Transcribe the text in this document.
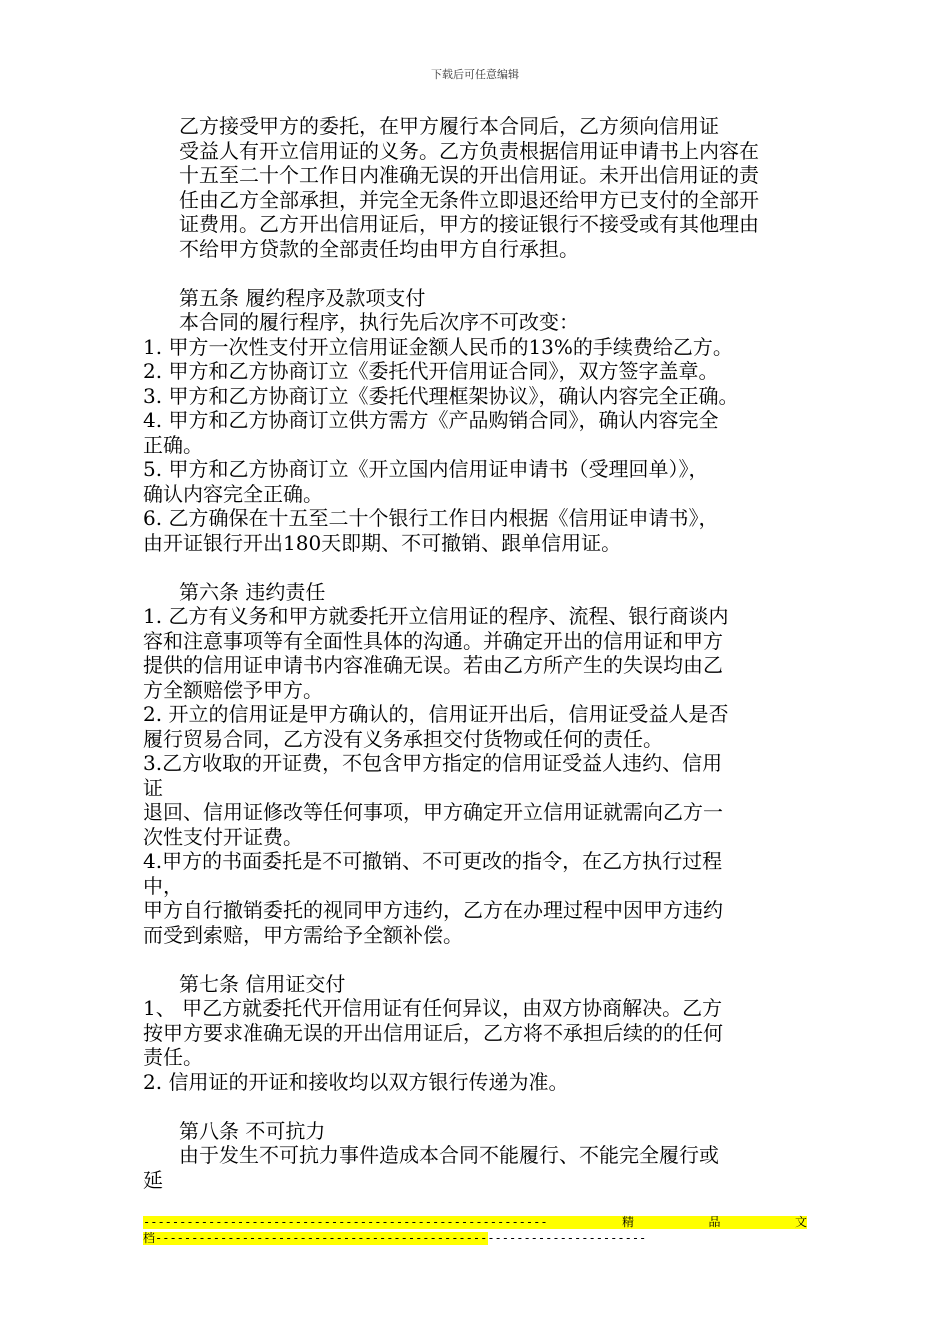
下载后可任意编辑
乙方接受甲方的委托，在甲方履行本合同后，乙方须向信用证
受益人有开立信用证的义务。乙方负责根据信用证申请书上内容在
十五至二十个工作日内准确无误的开出信用证。未开出信用证的责
任由乙方全部承担，并完全无条件立即退还给甲方已支付的全部开
证费用。乙方开出信用证后，甲方的接证银行不接受或有其他理由
不给甲方贷款的全部责任均由甲方自行承担。
第五条 履约程序及款项支付
本合同的履行程序，执行先后次序不可改变：
1. 甲方一次性支付开立信用证金额人民币的13%的手续费给乙方。
2. 甲方和乙方协商订立《委托代开信用证合同》，双方签字盖章。
3. 甲方和乙方协商订立《委托代理框架协议》，确认内容完全正确。
4. 甲方和乙方协商订立供方需方《产品购销合同》，确认内容完全
正确。
5. 甲方和乙方协商订立《开立国内信用证申请书（受理回单）》，
确认内容完全正确。
6. 乙方确保在十五至二十个银行工作日内根据《信用证申请书》，
由开证银行开出180天即期、不可撤销、跟单信用证。
第六条 违约责任
1. 乙方有义务和甲方就委托开立信用证的程序、流程、银行商谈内
容和注意事项等有全面性具体的沟通。并确定开出的信用证和甲方
提供的信用证申请书内容准确无误。若由乙方所产生的失误均由乙
方全额赔偿予甲方。
2. 开立的信用证是甲方确认的，信用证开出后，信用证受益人是否
履行贸易合同，乙方没有义务承担交付货物或任何的责任。
3.乙方收取的开证费，不包含甲方指定的信用证受益人违约、信用
证
退回、信用证修改等任何事项，甲方确定开立信用证就需向乙方一
次性支付开证费。
4.甲方的书面委托是不可撤销、不可更改的指令，在乙方执行过程
中，
甲方自行撤销委托的视同甲方违约，乙方在办理过程中因甲方违约
而受到索赔，甲方需给予全额补偿。
第七条 信用证交付
1、 甲乙方就委托代开信用证有任何异议，由双方协商解决。乙方
按甲方要求准确无误的开出信用证后，乙方将不承担后续的的任何
责任。
2. 信用证的开证和接收均以双方银行传递为准。
第八条 不可抗力
由于发生不可抗力事件造成本合同不能履行、不能完全履行或
延
--------------------------------------------------------	精	品	文
档--------------------------------------------------------------------
